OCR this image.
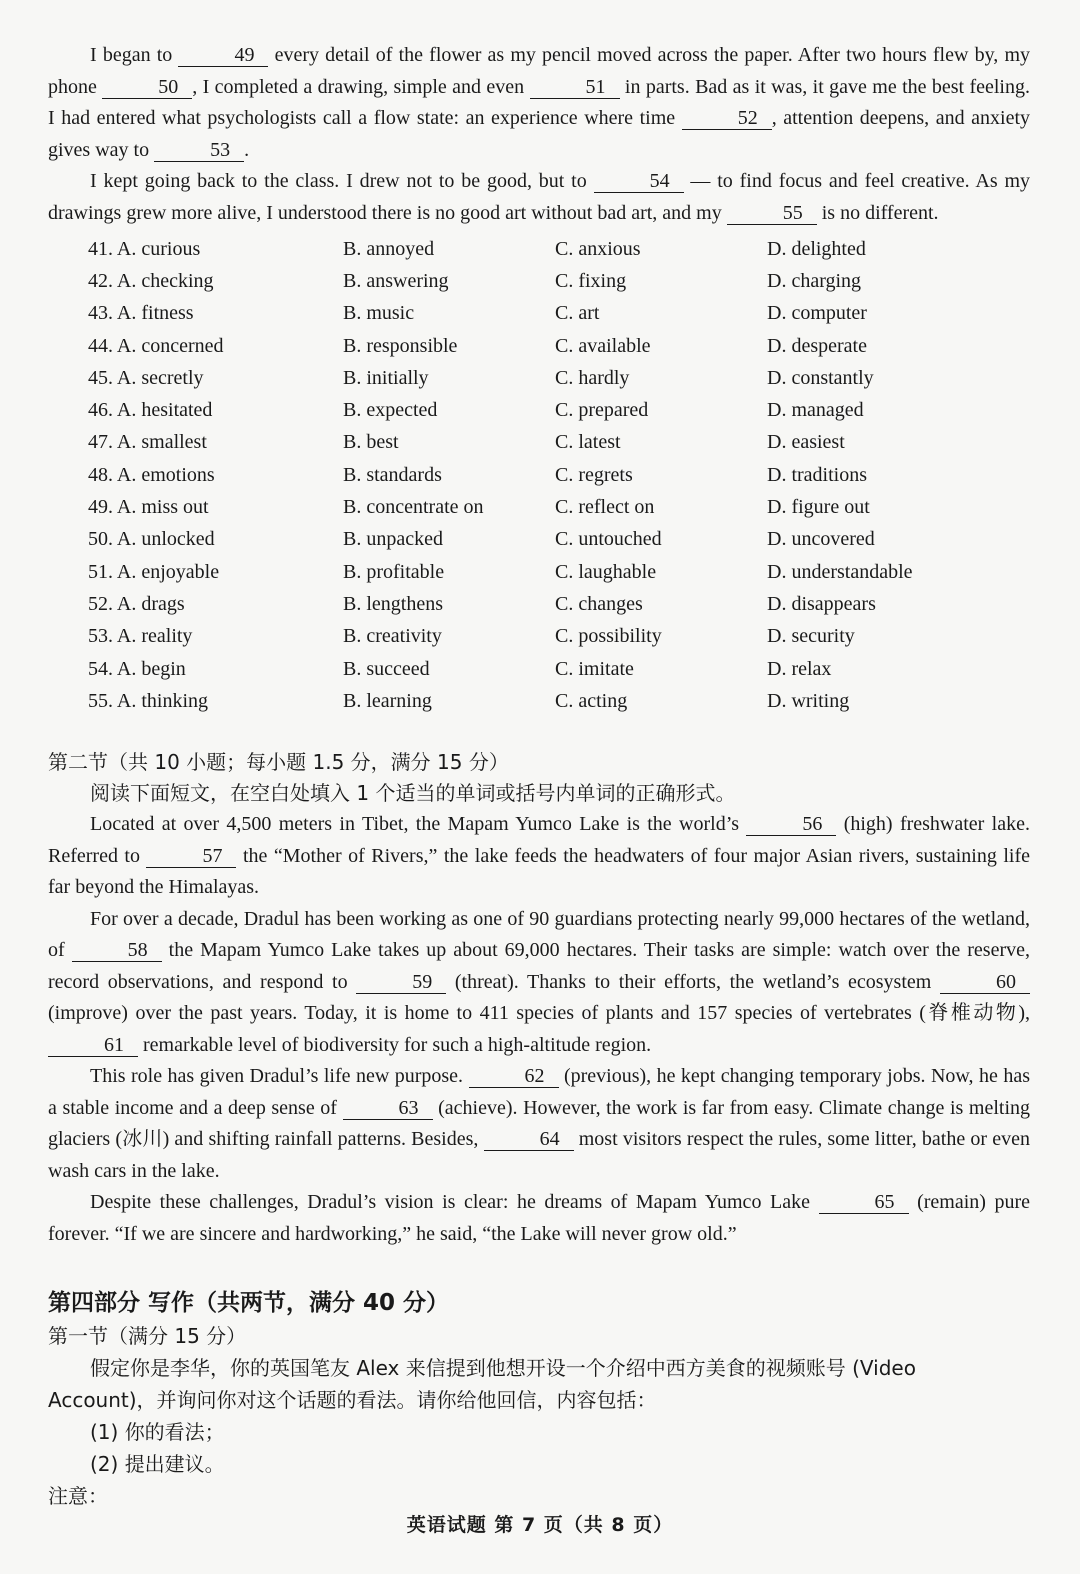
I began to	49 every detail of the flower as my pencil moved across the paper. After two hours flew by, my phone	50 , I completed a drawing, simple and even	51 in parts. Bad as it was, it gave me the best feeling. I had entered what psychologists call a flow state: an experience where time	52 , attention deepens, and anxiety gives way to	53 .

I kept going back to the class. I drew not to be good, but to	54 — to find focus and feel creative. As my drawings grew more alive, I understood there is no good art without bad art, and my	55 is no different.

41. A. curious	B. annoyed	C. anxious	D. delighted
42. A. checking	B. answering	C. fixing	D. charging
43. A. fitness	B. music	C. art	D. computer
44. A. concerned	B. responsible	C. available	D. desperate
45. A. secretly	B. initially	C. hardly	D. constantly
46. A. hesitated	B. expected	C. prepared	D. managed
47. A. smallest	B. best	C. latest	D. easiest
48. A. emotions	B. standards	C. regrets	D. traditions
49. A. miss out	B. concentrate on	C. reflect on	D. figure out
50. A. unlocked	B. unpacked	C. untouched	D. uncovered
51. A. enjoyable	B. profitable	C. laughable	D. understandable
52. A. drags	B. lengthens	C. changes	D. disappears
53. A. reality	B. creativity	C. possibility	D. security
54. A. begin	B. succeed	C. imitate	D. relax
55. A. thinking	B. learning	C. acting	D. writing

第二节（共 10 小题；每小题 1.5 分，满分 15 分）

阅读下面短文，在空白处填入 1 个适当的单词或括号内单词的正确形式。

Located at over 4,500 meters in Tibet, the Mapam Yumco Lake is the world’s	56 (high) freshwater lake. Referred to	57 the “Mother of Rivers,” the lake feeds the headwaters of four major Asian rivers, sustaining life far beyond the Himalayas.

For over a decade, Dradul has been working as one of 90 guardians protecting nearly 99,000 hectares of the wetland, of	58 the Mapam Yumco Lake takes up about 69,000 hectares. Their tasks are simple: watch over the reserve, record observations, and respond to	59 (threat). Thanks to their efforts, the wetland’s ecosystem	60 (improve) over the past years. Today, it is home to 411 species of plants and 157 species of vertebrates (脊椎动物), 61 remarkable level of biodiversity for such a high-altitude region.

This role has given Dradul’s life new purpose.	62 (previous), he kept changing temporary jobs. Now, he has a stable income and a deep sense of	63 (achieve). However, the work is far from easy. Climate change is melting glaciers (冰川) and shifting rainfall patterns. Besides,	64 most visitors respect the rules, some litter, bathe or even wash cars in the lake.

Despite these challenges, Dradul’s vision is clear: he dreams of Mapam Yumco Lake	65 (remain) pure forever. “If we are sincere and hardworking,” he said, “the Lake will never grow old.”

第四部分 写作（共两节，满分 40 分）

第一节（满分 15 分）

假定你是李华，你的英国笔友 Alex 来信提到他想开设一个介绍中西方美食的视频账号 (Video Account)，并询问你对这个话题的看法。请你给他回信，内容包括：

(1) 你的看法；

(2) 提出建议。

注意：

英语试题 第 7 页（共 8 页）
